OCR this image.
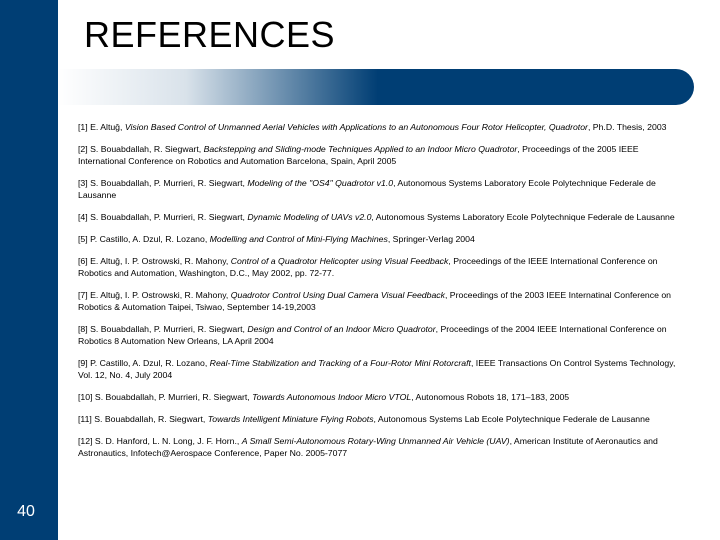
40
REFERENCES
[1] E. Altuğ, Vision Based Control of Unmanned Aerial Vehicles with Applications to an Autonomous Four Rotor Helicopter, Quadrotor, Ph.D. Thesis, 2003
[2] S. Bouabdallah, R. Siegwart, Backstepping and Sliding-mode Techniques Applied to an Indoor Micro Quadrotor, Proceedings of the 2005 IEEE International Conference on Robotics and Automation Barcelona, Spain, April 2005
[3] S. Bouabdallah, P. Murrieri, R. Siegwart, Modeling of the "OS4" Quadrotor v1.0, Autonomous Systems Laboratory Ecole Polytechnique Federale de Lausanne
[4] S. Bouabdallah, P. Murrieri, R. Siegwart, Dynamic Modeling of UAVs v2.0, Autonomous Systems Laboratory Ecole Polytechnique Federale de Lausanne
[5] P. Castillo, A. Dzul, R. Lozano, Modelling and Control of Mini-Flying Machines, Springer-Verlag 2004
[6] E. Altuğ, I. P. Ostrowski, R. Mahony, Control of a Quadrotor Helicopter using Visual Feedback, Proceedings of the IEEE International Conference on Robotics and Automation, Washington, D.C., May 2002, pp. 72-77.
[7] E. Altuğ, I. P. Ostrowski, R. Mahony, Quadrotor Control Using Dual Camera Visual Feedback, Proceedings of the 2003 IEEE Internatinal Conference on Robotics & Automation Taipei, Tsiwao, September 14-19,2003
[8] S. Bouabdallah, P. Murrieri, R. Siegwart, Design and Control of an Indoor Micro Quadrotor, Proceedings of the 2004 IEEE International Conference on Robotics 8 Automation New Orleans, LA April 2004
[9] P. Castillo, A. Dzul, R. Lozano, Real-Time Stabilization and Tracking of a Four-Rotor Mini Rotorcraft, IEEE Transactions On Control Systems Technology, Vol. 12, No. 4, July 2004
[10] S. Bouabdallah, P. Murrieri, R. Siegwart, Towards Autonomous Indoor Micro VTOL, Autonomous Robots 18, 171–183, 2005
[11] S. Bouabdallah, R. Siegwart, Towards Intelligent Miniature Flying Robots, Autonomous Systems Lab Ecole Polytechnique Federale de Lausanne
[12] S. D. Hanford, L. N. Long, J. F. Horn., A Small Semi-Autonomous Rotary-Wing Unmanned Air Vehicle (UAV), American Institute of Aeronautics and Astronautics, Infotech@Aerospace Conference, Paper No. 2005-7077
